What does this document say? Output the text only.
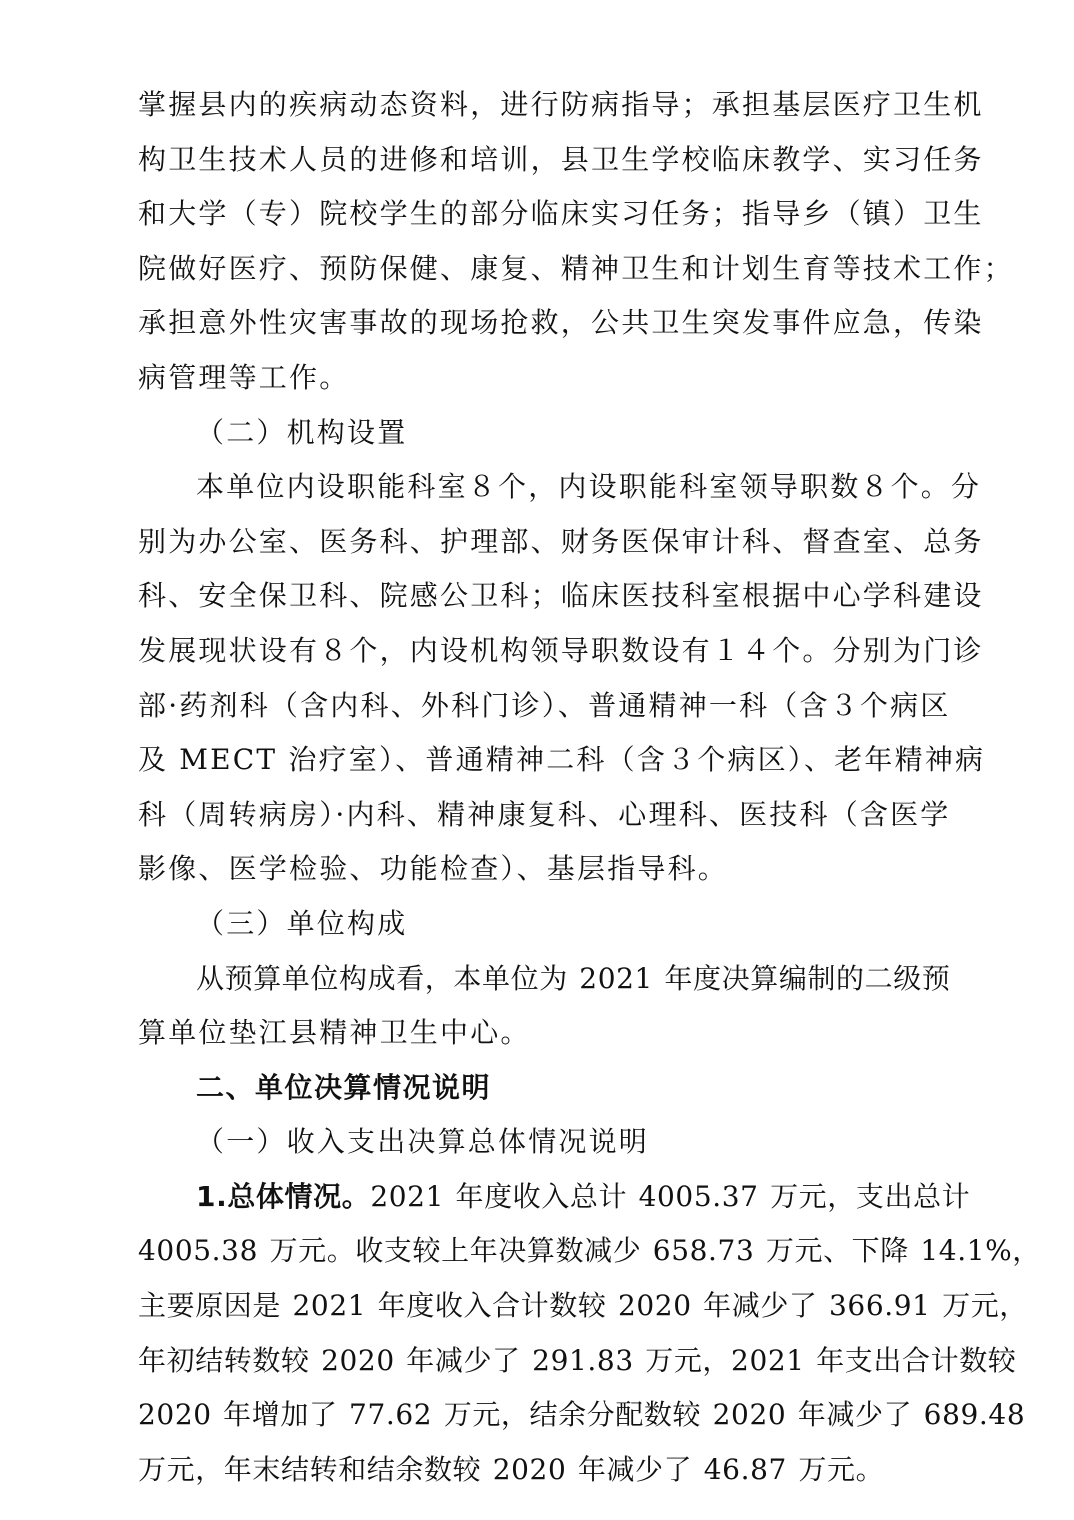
掌握县内的疾病动态资料，进行防病指导；承担基层医疗卫生机
构卫生技术人员的进修和培训，县卫生学校临床教学、实习任务
和大学（专）院校学生的部分临床实习任务；指导乡（镇）卫生
院做好医疗、预防保健、康复、精神卫生和计划生育等技术工作；
承担意外性灾害事故的现场抢救，公共卫生突发事件应急，传染
病管理等工作。
（二）机构设置
本单位内设职能科室８个，内设职能科室领导职数８个。分
别为办公室、医务科、护理部、财务医保审计科、督查室、总务
科、安全保卫科、院感公卫科；临床医技科室根据中心学科建设
发展现状设有８个，内设机构领导职数设有１４个。分别为门诊
部·药剂科（含内科、外科门诊）、普通精神一科（含３个病区
及 MECT 治疗室）、普通精神二科（含３个病区）、老年精神病
科（周转病房）·内科、精神康复科、心理科、医技科（含医学
影像、医学检验、功能检查）、基层指导科。
（三）单位构成
从预算单位构成看，本单位为 2021 年度决算编制的二级预
算单位垫江县精神卫生中心。
二、单位决算情况说明
（一）收入支出决算总体情况说明
1.总体情况。2021 年度收入总计 4005.37 万元，支出总计
4005.38 万元。收支较上年决算数减少 658.73 万元、下降 14.1%，
主要原因是 2021 年度收入合计数较 2020 年减少了 366.91 万元，
年初结转数较 2020 年减少了 291.83 万元，2021 年支出合计数较
2020 年增加了 77.62 万元，结余分配数较 2020 年减少了 689.48
万元，年末结转和结余数较 2020 年减少了 46.87 万元。
